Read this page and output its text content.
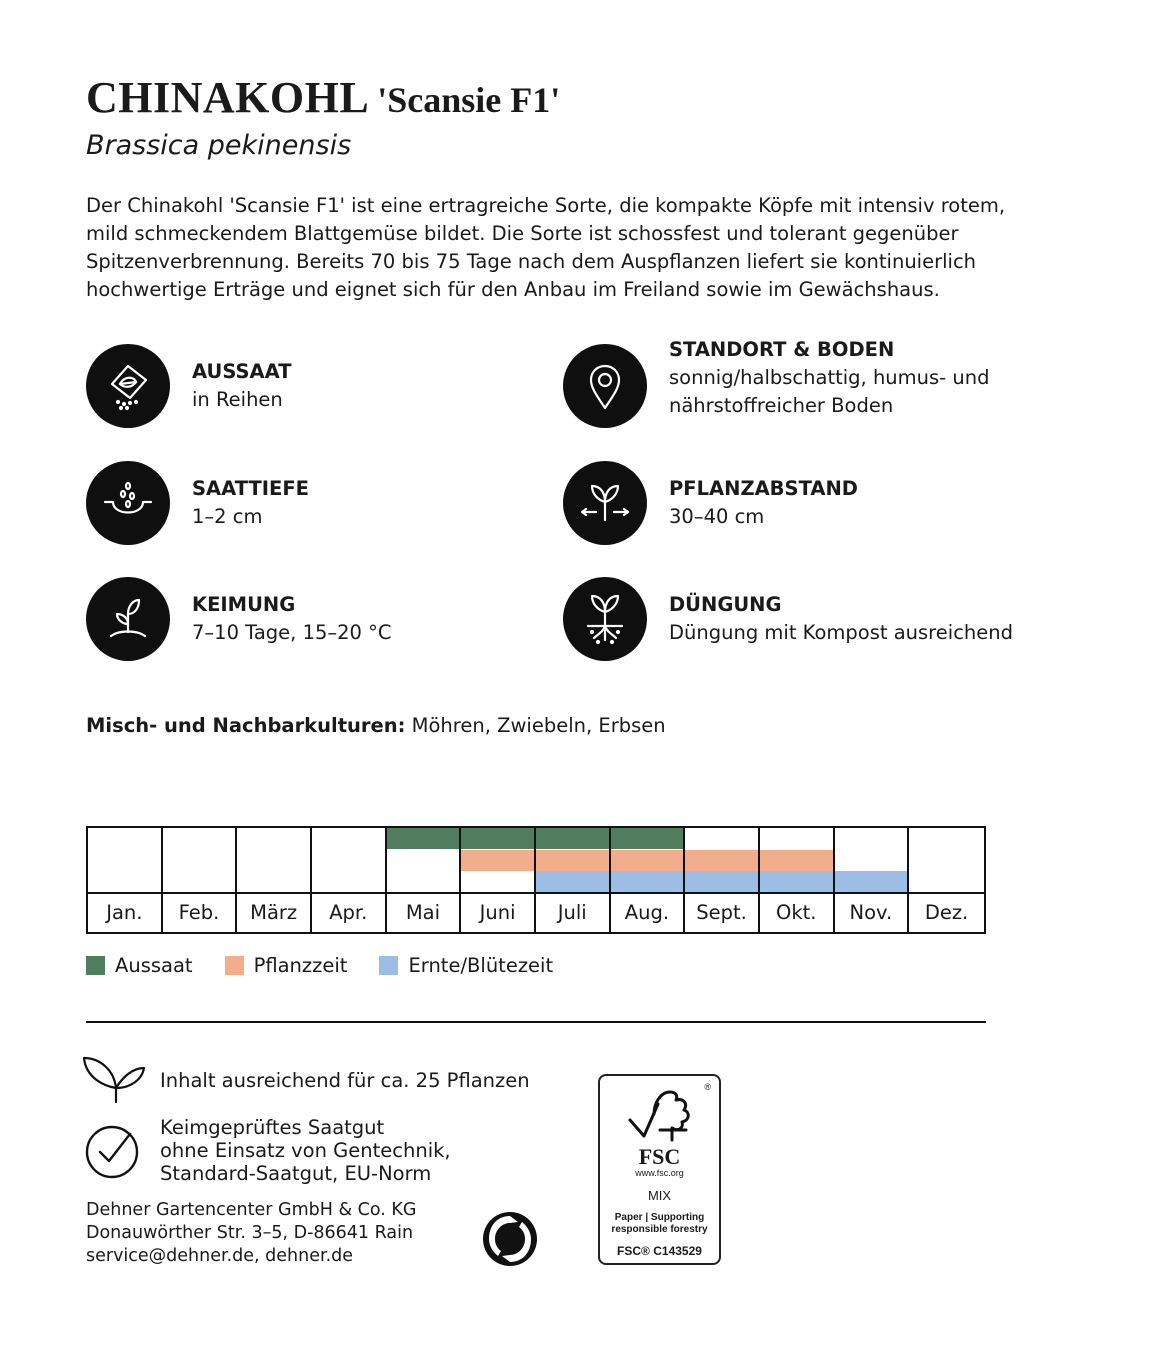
CHINAKOHL 'Scansie F1'
Brassica pekinensis

Der Chinakohl 'Scansie F1' ist eine ertragreiche Sorte, die kompakte Köpfe mit intensiv rotem, mild schmeckendem Blattgemüse bildet. Die Sorte ist schossfest und tolerant gegenüber Spitzenverbrennung. Bereits 70 bis 75 Tage nach dem Auspflanzen liefert sie kontinuierlich hochwertige Erträge und eignet sich für den Anbau im Freiland sowie im Gewächshaus.

AUSSAAT
in Reihen
STANDORT & BODEN
sonnig/halbschattig, humus- und nährstoffreicher Boden
SAATTIEFE
1–2 cm
PFLANZABSTAND
30–40 cm
KEIMUNG
7–10 Tage, 15–20 °C
DÜNGUNG
Düngung mit Kompost ausreichend
Misch- und Nachbarkulturen: Möhren, Zwiebeln, Erbsen
Jan.	Feb.	März	Apr.	Mai	Juni	Juli	Aug.	Sept.	Okt.	Nov.	Dez.
Aussaat	Pflanzzeit	Ernte/Blütezeit
Inhalt ausreichend für ca. 25 Pflanzen
Keimgeprüftes Saatgut
ohne Einsatz von Gentechnik,
Standard-Saatgut, EU-Norm
Dehner Gartencenter GmbH & Co. KG
Donauwörther Str. 3–5, D-86641 Rain
service@dehner.de, dehner.de
®
FSC
www.fsc.org
MIX
Paper | Supporting
responsible forestry
FSC® C143529
